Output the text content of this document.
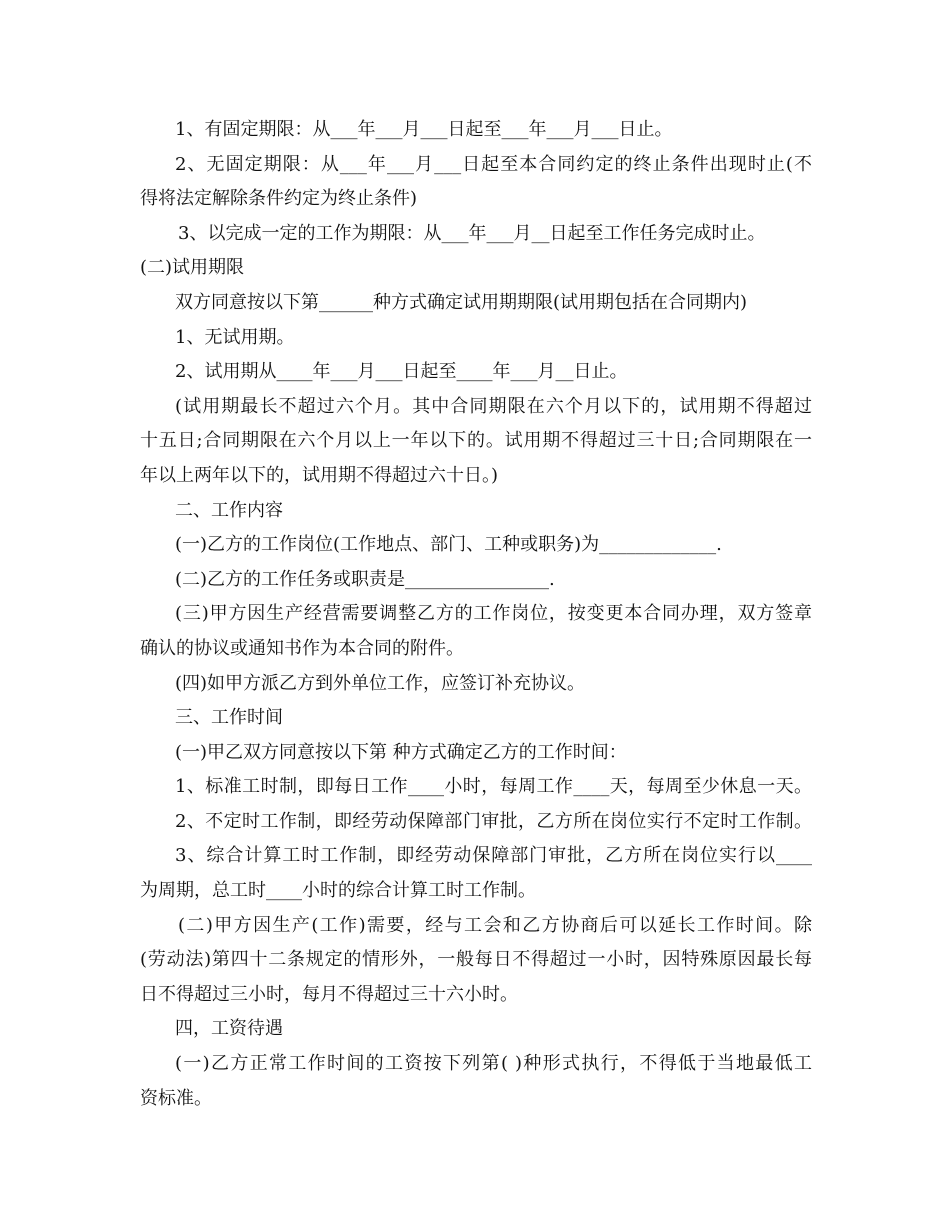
1、有固定期限：从___年___月___日起至___年___月___日止。
2、无固定期限：从___年___月___日起至本合同约定的终止条件出现时止(不
得将法定解除条件约定为终止条件)
3、以完成一定的工作为期限：从___年___月__日起至工作任务完成时止。
(二)试用期限
双方同意按以下第______种方式确定试用期期限(试用期包括在合同期内)
1、无试用期。
2、试用期从____年___月___日起至____年___月__日止。
(试用期最长不超过六个月。其中合同期限在六个月以下的，试用期不得超过
十五日;合同期限在六个月以上一年以下的。试用期不得超过三十日;合同期限在一
年以上两年以下的，试用期不得超过六十日。)
二、工作内容
(一)乙方的工作岗位(工作地点、部门、工种或职务)为_____________.
(二)乙方的工作任务或职责是________________.
(三)甲方因生产经营需要调整乙方的工作岗位，按变更本合同办理，双方签章
确认的协议或通知书作为本合同的附件。
(四)如甲方派乙方到外单位工作，应签订补充协议。
三、工作时间
(一)甲乙双方同意按以下第 种方式确定乙方的工作时间：
1、标准工时制，即每日工作____小时，每周工作____天，每周至少休息一天。
2、不定时工作制，即经劳动保障部门审批，乙方所在岗位实行不定时工作制。
3、综合计算工时工作制，即经劳动保障部门审批，乙方所在岗位实行以____
为周期，总工时____小时的综合计算工时工作制。
(二)甲方因生产(工作)需要，经与工会和乙方协商后可以延长工作时间。除
(劳动法)第四十二条规定的情形外，一般每日不得超过一小时，因特殊原因最长每
日不得超过三小时，每月不得超过三十六小时。
四，工资待遇
(一)乙方正常工作时间的工资按下列第( )种形式执行，不得低于当地最低工
资标准。
